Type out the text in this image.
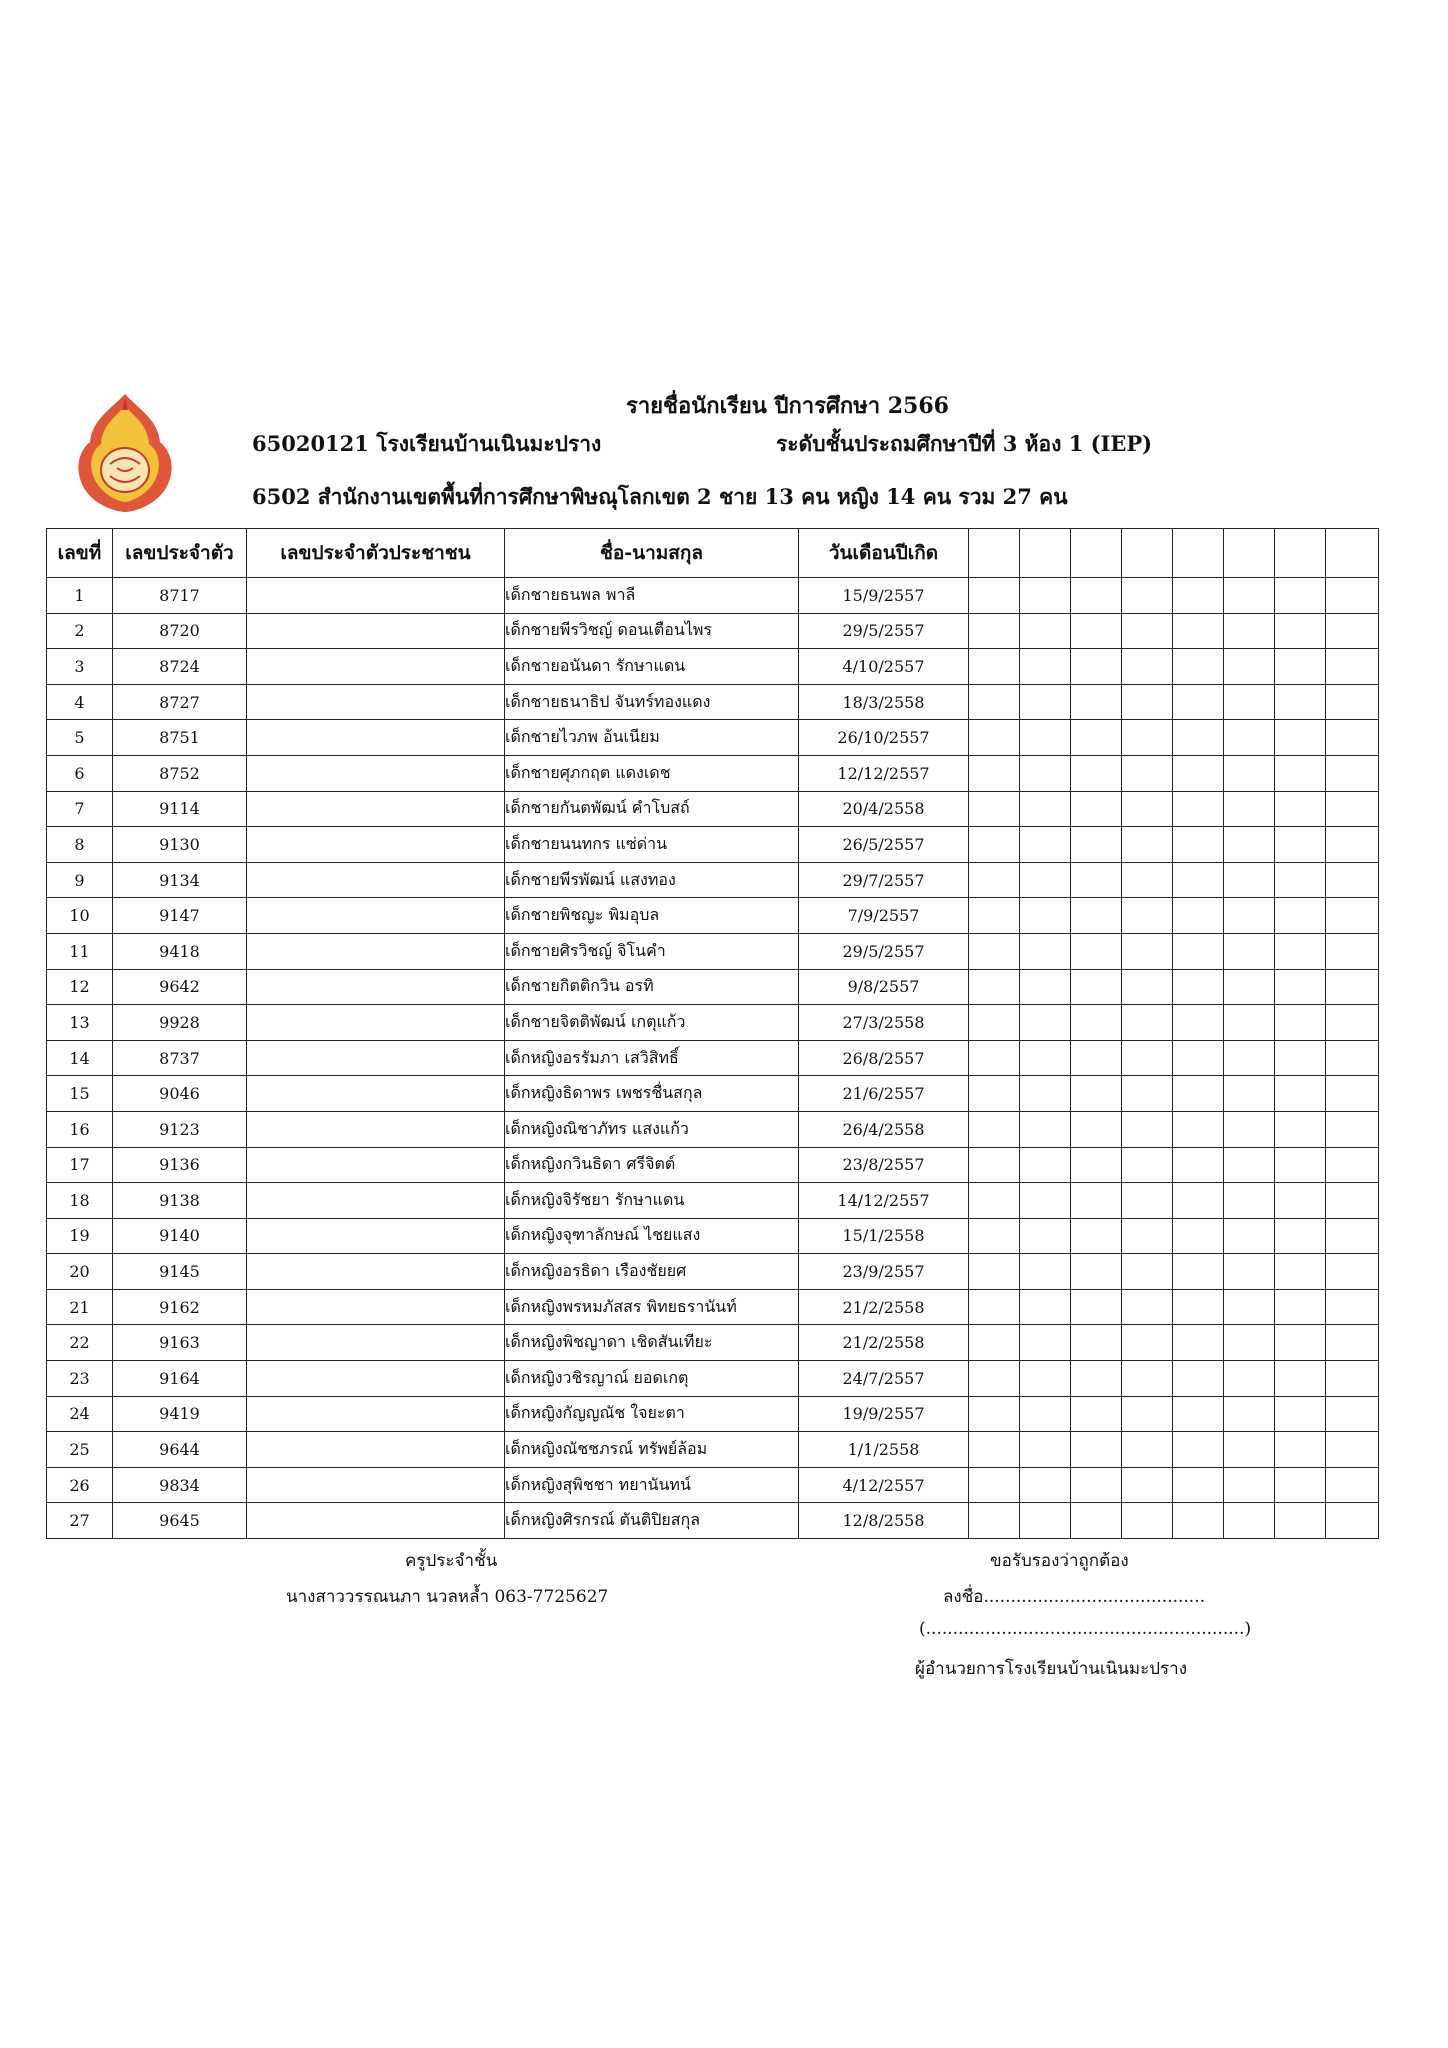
รายชื่อนักเรียน ปีการศึกษา 2566
65020121 โรงเรียนบ้านเนินมะปราง	ระดับชั้นประถมศึกษาปีที่ 3 ห้อง 1 (IEP)
6502 สำนักงานเขตพื้นที่การศึกษาพิษณุโลกเขต 2 ชาย 13 คน หญิง 14 คน รวม 27 คน
เลขที่	เลขประจำตัว	เลขประจำตัวประชาชน	ชื่อ-นามสกุล	วันเดือนปีเกิด								
1	8717		เด็กชายธนพล พาลี	15/9/2557								
2	8720		เด็กชายพีรวิชญ์ ดอนเตือนไพร	29/5/2557								
3	8724		เด็กชายอนันดา รักษาแดน	4/10/2557								
4	8727		เด็กชายธนาธิป จันทร์ทองแดง	18/3/2558								
5	8751		เด็กชายไวภพ อ้นเนียม	26/10/2557								
6	8752		เด็กชายศุภกฤต แดงเดช	12/12/2557								
7	9114		เด็กชายกันตพัฒน์ คำโบสถ์	20/4/2558								
8	9130		เด็กชายนนทกร แซ่ด่าน	26/5/2557								
9	9134		เด็กชายพีรพัฒน์ แสงทอง	29/7/2557								
10	9147		เด็กชายพิชญะ พิมอุบล	7/9/2557								
11	9418		เด็กชายศิรวิชญ์ จิโนคำ	29/5/2557								
12	9642		เด็กชายกิตติกวิน อรทิ	9/8/2557								
13	9928		เด็กชายจิตติพัฒน์ เกตุแก้ว	27/3/2558								
14	8737		เด็กหญิงอรรัมภา เสวิสิทธิ์	26/8/2557								
15	9046		เด็กหญิงธิดาพร เพชรชื่นสกุล	21/6/2557								
16	9123		เด็กหญิงณิชาภัทร แสงแก้ว	26/4/2558								
17	9136		เด็กหญิงกวินธิดา ศรีจิตต์	23/8/2557								
18	9138		เด็กหญิงจิรัชยา รักษาแดน	14/12/2557								
19	9140		เด็กหญิงจุฑาลักษณ์ ไชยแสง	15/1/2558								
20	9145		เด็กหญิงอรธิดา เรืองชัยยศ	23/9/2557								
21	9162		เด็กหญิงพรหมภัสสร พิทยธรานันท์	21/2/2558								
22	9163		เด็กหญิงพิชญาดา เชิดสันเทียะ	21/2/2558								
23	9164		เด็กหญิงวชิรญาณ์ ยอดเกตุ	24/7/2557								
24	9419		เด็กหญิงกัญญณัช ใจยะตา	19/9/2557								
25	9644		เด็กหญิงณัชชภรณ์ ทรัพย์ล้อม	1/1/2558								
26	9834		เด็กหญิงสุพิชชา ทยานันทน์	4/12/2557								
27	9645		เด็กหญิงศิรกรณ์ ตันติปิยสกุล	12/8/2558								
ครูประจำชั้น
นางสาววรรณนภา นวลหล้ำ 063-7725627
ขอรับรองว่าถูกต้อง
ลงชื่อ.........................................
(...........................................................)
ผู้อำนวยการโรงเรียนบ้านเนินมะปราง
